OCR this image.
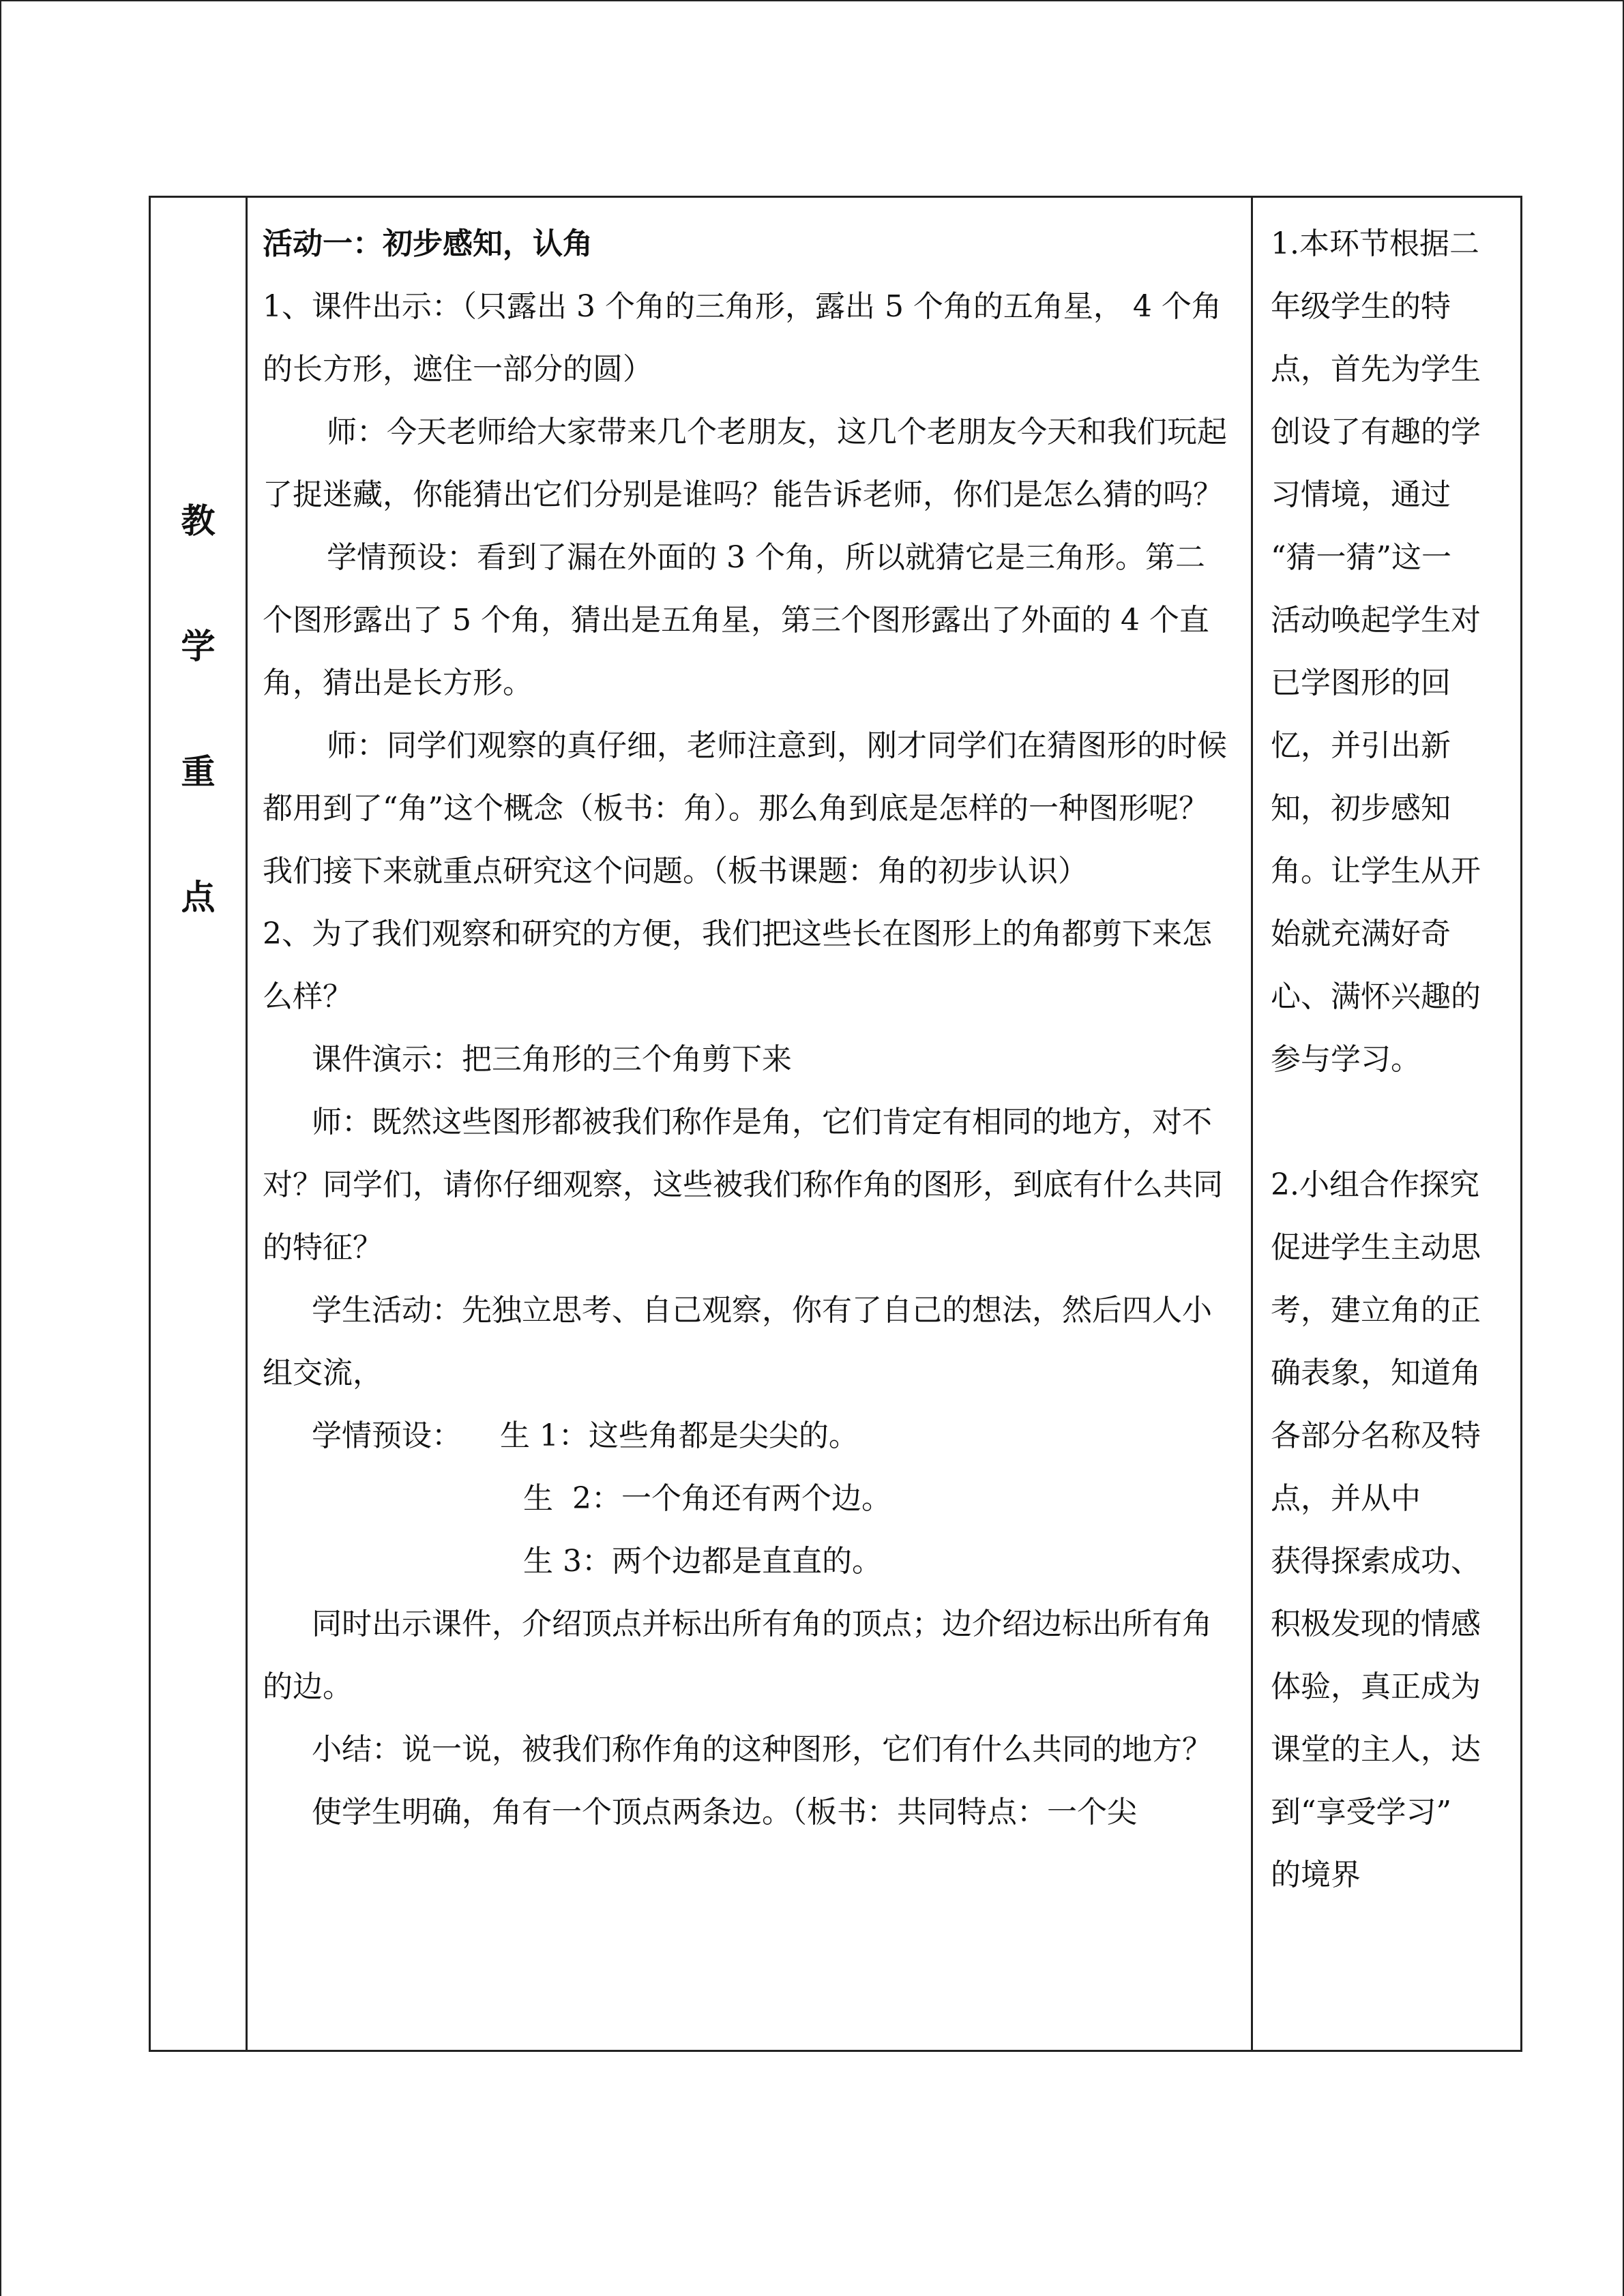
教
学
重
点

活动一：初步感知，认角

1、课件出示：（只露出 3 个角的三角形，露出 5 个角的五角星， 4 个角的长方形，遮住一部分的圆）

师：今天老师给大家带来几个老朋友，这几个老朋友今天和我们玩起了捉迷藏，你能猜出它们分别是谁吗？能告诉老师，你们是怎么猜的吗？

学情预设：看到了漏在外面的 3 个角，所以就猜它是三角形。第二个图形露出了 5 个角，猜出是五角星，第三个图形露出了外面的 4 个直角，猜出是长方形。

师：同学们观察的真仔细，老师注意到，刚才同学们在猜图形的时候都用到了“角”这个概念（板书：角）。那么角到底是怎样的一种图形呢？我们接下来就重点研究这个问题。（板书课题：角的初步认识）

2、为了我们观察和研究的方便，我们把这些长在图形上的角都剪下来怎么样？

课件演示：把三角形的三个角剪下来

师：既然这些图形都被我们称作是角，它们肯定有相同的地方，对不对？同学们，请你仔细观察，这些被我们称作角的图形，到底有什么共同的特征？

学生活动：先独立思考、自己观察，你有了自己的想法，然后四人小组交流，

学情预设：    生 1：这些角都是尖尖的。

生  2：一个角还有两个边。

生 3：两个边都是直直的。

同时出示课件，介绍顶点并标出所有角的顶点；边介绍边标出所有角的边。

小结：说一说，被我们称作角的这种图形，它们有什么共同的地方？

使学生明确，角有一个顶点两条边。（板书：共同特点：一个尖

1.本环节根据二

年级学生的特

点，首先为学生

创设了有趣的学

习情境，通过

“猜一猜”这一

活动唤起学生对

已学图形的回

忆，并引出新

知，初步感知

角。让学生从开

始就充满好奇

心、满怀兴趣的

参与学习。

2.小组合作探究

促进学生主动思

考，建立角的正

确表象，知道角

各部分名称及特

点，并从中

获得探索成功、

积极发现的情感

体验，真正成为

课堂的主人，达

到“享受学习”

的境界
